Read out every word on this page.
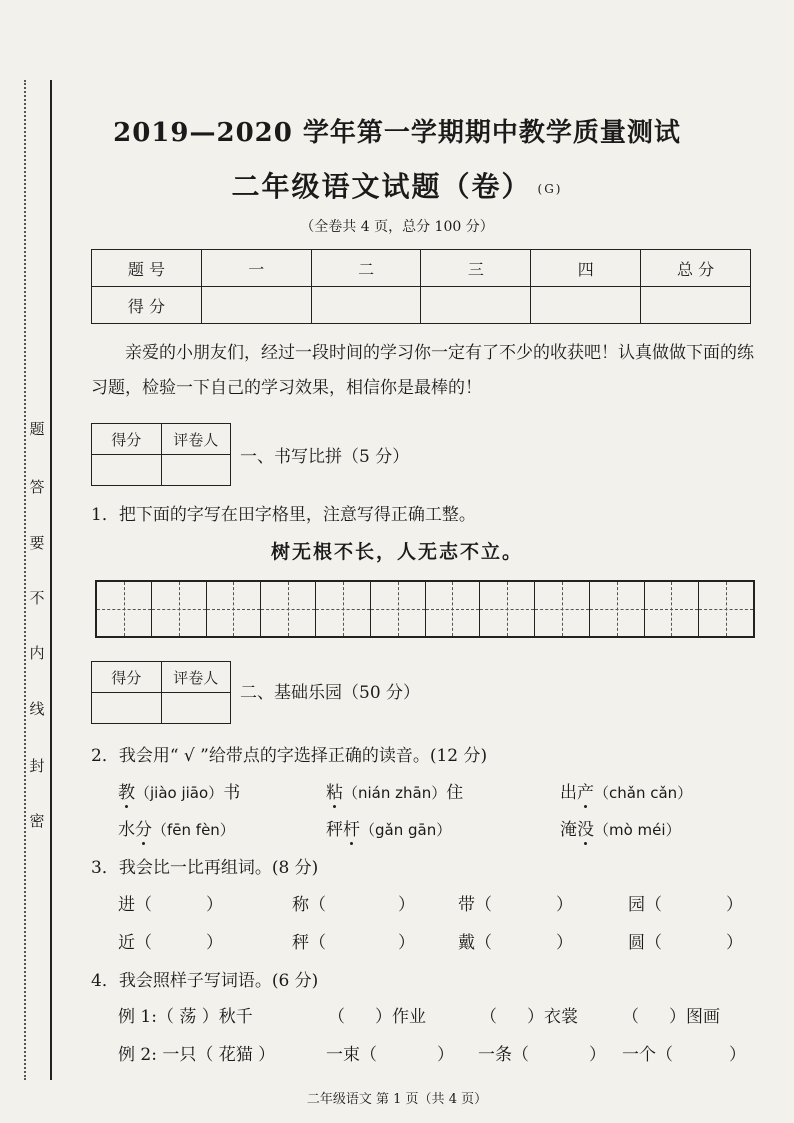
密
封
线
内
不
要
答
题
2019—2020 学年第一学期期中教学质量测试
二年级语文试题（卷） (G)
（全卷共 4 页，总分 100 分）
题 号	一	二	三	四	总 分
得 分					
亲爱的小朋友们，经过一段时间的学习你一定有了不少的收获吧！认真做做下面的练习题，检验一下自己的学习效果，相信你是最棒的！
得分	评卷人

一、书写比拼（5 分）
1．把下面的字写在田字格里，注意写得正确工整。
树无根不长，人无志不立。
得分	评卷人

二、基础乐园（50 分）
2．我会用“ √ ”给带点的字选择正确的读音。(12 分)
教（jiào jiāo）书	粘（nián zhān）住	出产（chǎn cǎn）
水分（fēn fèn）	秤杆（gǎn gān）	淹没（mò méi）
3．我会比一比再组词。(8 分)
进（	）	称（	）	带（	）	园（	）
近（	）	秤（	）	戴（	）	圆（	）
4．我会照样子写词语。(6 分)
例 1:（ 荡 ）秋千	（ ）作业	（ ）衣裳	（ ）图画
例 2: 一只（ 花猫 ）	一束（	） 一条（	） 一个（	）
二年级语文 第 1 页（共 4 页）
